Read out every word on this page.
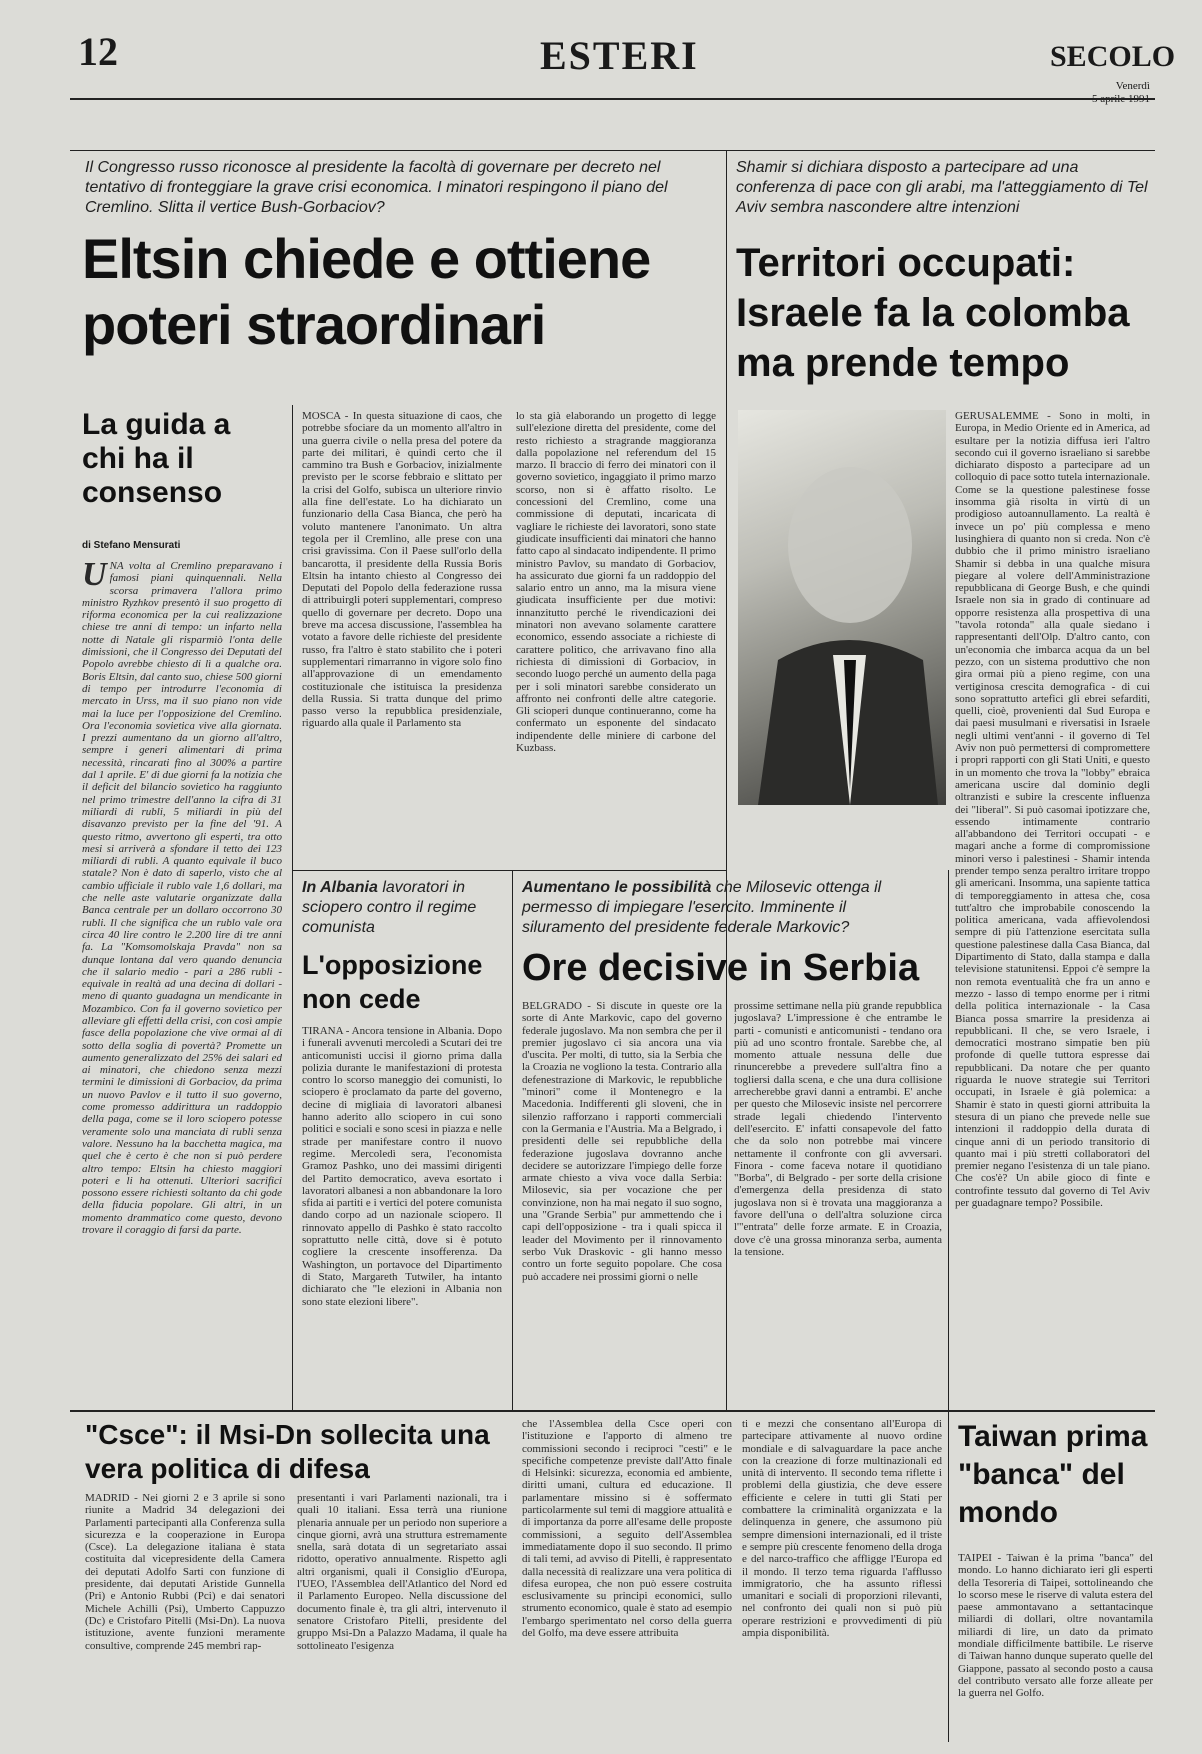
12	ESTERI	SECOLO
Venerdì
Il Congresso russo riconosce al presidente la facoltà di governare per decreto nel tentativo di fronteggiare la grave crisi economica. I minatori respingono il piano del Cremlino. Slitta il vertice Bush-Gorbaciov?
Eltsin chiede e ottiene poteri straordinari
La guida a chi ha il consenso
di Stefano Mensurati
UNA volta al Cremlino preparavano i famosi piani quinquennali. Nella scorsa primavera l'allora primo ministro Ryzhkov presentò il suo progetto di riforma economica per la cui realizzazione chiese tre anni di tempo: un infarto nella notte di Natale gli risparmiò l'onta delle dimissioni, che il Congresso dei Deputati del Popolo avrebbe chiesto di lì a qualche ora. Boris Eltsin, dal canto suo, chiese 500 giorni di tempo per introdurre l'economia di mercato in Urss, ma il suo piano non vide mai la luce per l'opposizione del Cremlino. Ora l'economia sovietica vive alla giornata. I prezzi aumentano da un giorno all'altro, sempre i generi alimentari di prima necessità, rincarati fino al 300% a partire dal 1 aprile. E' di due giorni fa la notizia che il deficit del bilancio sovietico ha raggiunto nel primo trimestre dell'anno la cifra di 31 miliardi di rubli, 5 miliardi in più del disavanzo previsto per la fine del '91. A questo ritmo, avvertono gli esperti, tra otto mesi si arriverà a sfondare il tetto dei 123 miliardi di rubli. A quanto equivale il buco statale? Non è dato di saperlo, visto che al cambio ufficiale il rublo vale 1,6 dollari, ma che nelle aste valutarie organizzate dalla Banca centrale per un dollaro occorrono 30 rubli. Il che significa che un rublo vale ora circa 40 lire contro le 2.200 lire di tre anni fa. La "Komsomolskaja Pravda" non sa dunque lontana dal vero quando denuncia che il salario medio - pari a 286 rubli - equivale in realtà ad una decina di dollari - meno di quanto guadagna un mendicante in Mozambico. Con fa il governo sovietico per alleviare gli effetti della crisi, con così ampie fasce della popolazione che vive ormai al di sotto della soglia di povertà? Promette un aumento generalizzato del 25% dei salari ed ai minatori, che chiedono senza mezzi termini le dimissioni di Gorbaciov, da prima un nuovo Pavlov e il tutto il suo governo, come promesso addirittura un raddoppio della paga, come se il loro sciopero potesse veramente solo una manciata di rubli senza valore. Nessuno ha la bacchetta magica, ma quel che è certo è che non si può perdere altro tempo: Eltsin ha chiesto maggiori poteri e li ha ottenuti. Ulteriori sacrifici possono essere richiesti soltanto da chi gode della fiducia popolare. Gli altri, in un momento drammatico come questo, devono trovare il coraggio di farsi da parte.
MOSCA - In questa situazione di caos, che potrebbe sfociare da un momento all'altro in una guerra civile o nella presa del potere da parte dei militari, è quindi certo che il cammino tra Bush e Gorbaciov, inizialmente previsto per le scorse febbraio e slittato per la crisi del Golfo, subisca un ulteriore rinvio alla fine dell'estate. Lo ha dichiarato un funzionario della Casa Bianca, che però ha voluto mantenere l'anonimato. Un altra tegola per il Cremlino, alle prese con una crisi gravissima. Con il Paese sull'orlo della bancarotta, il presidente della Russia Boris Eltsin ha intanto chiesto al Congresso dei Deputati del Popolo della federazione russa di attribuirgli poteri supplementari, compreso quello di governare per decreto. Dopo una breve ma accesa discussione, l'assemblea ha votato a favore delle richieste del presidente russo, fra l'altro è stato stabilito che i poteri supplementari rimarranno in vigore solo fino all'approvazione di un emendamento costituzionale che istituisca la presidenza della Russia. Si tratta dunque del primo passo verso la repubblica presidenziale, riguardo alla quale il Parlamento sta
lo sta già elaborando un progetto di legge sull'elezione diretta del presidente, come del resto richiesto a stragrande maggioranza dalla popolazione nel referendum del 15 marzo. Il braccio di ferro dei minatori con il governo sovietico, ingaggiato il primo marzo scorso, non si è affatto risolto. Le concessioni del Cremlino, come una commissione di deputati, incaricata di vagliare le richieste dei lavoratori, sono state giudicate insufficienti dai minatori che hanno fatto capo al sindacato indipendente. Il primo ministro Pavlov, su mandato di Gorbaciov, ha assicurato due giorni fa un raddoppio del salario entro un anno, ma la misura viene giudicata insufficiente per due motivi: innanzitutto perché le rivendicazioni dei minatori non avevano solamente carattere economico, essendo associate a richieste di carattere politico, che arrivavano fino alla richiesta di dimissioni di Gorbaciov, in secondo luogo perché un aumento della paga per i soli minatori sarebbe considerato un affronto nei confronti delle altre categorie. Gli scioperi dunque continueranno, come ha confermato un esponente del sindacato indipendente delle miniere di carbone del Kuzbass.
Shamir si dichiara disposto a partecipare ad una conferenza di pace con gli arabi, ma l'atteggiamento di Tel Aviv sembra nascondere altre intenzioni
Territori occupati: Israele fa la colomba ma prende tempo
GERUSALEMME - Sono in molti, in Europa, in Medio Oriente ed in America, ad esultare per la notizia diffusa ieri l'altro secondo cui il governo israeliano si sarebbe dichiarato disposto a partecipare ad un colloquio di pace sotto tutela internazionale. Come se la questione palestinese fosse insomma già risolta in virtù di un prodigioso autoannullamento. La realtà è invece un po' più complessa e meno lusinghiera di quanto non si creda. Non c'è dubbio che il primo ministro israeliano Shamir si debba in una qualche misura piegare al volere dell'Amministrazione repubblicana di George Bush, e che quindi Israele non sia in grado di continuare ad opporre resistenza alla prospettiva di una "tavola rotonda" alla quale siedano i rappresentanti dell'Olp. D'altro canto, con un'economia che imbarca acqua da un bel pezzo, con un sistema produttivo che non gira ormai più a pieno regime, con una vertiginosa crescita demografica - di cui sono soprattutto artefici gli ebrei sefarditi, quelli, cioè, provenienti dal Sud Europa e dai paesi musulmani e riversatisi in Israele negli ultimi vent'anni - il governo di Tel Aviv non può permettersi di compromettere i propri rapporti con gli Stati Uniti, e questo in un momento che trova la "lobby" ebraica americana uscire dal dominio degli oltranzisti e subire la crescente influenza dei "liberal". Si può casomai ipotizzare che, essendo intimamente contrario all'abbandono dei Territori occupati - e magari anche a forme di compromissione minori verso i palestinesi - Shamir intenda prender tempo senza peraltro irritare troppo gli americani. Insomma, una sapiente tattica di temporeggiamento in attesa che, cosa tutt'altro che improbabile conoscendo la politica americana, vada affievolendosi sempre di più l'attenzione esercitata sulla questione palestinese dalla Casa Bianca, dal Dipartimento di Stato, dalla stampa e dalla televisione statunitensi. Eppoi c'è sempre la non remota eventualità che fra un anno e mezzo - lasso di tempo enorme per i ritmi della politica internazionale - la Casa Bianca possa smarrire la presidenza ai repubblicani. Il che, se vero Israele, i democratici mostrano simpatie ben più profonde di quelle tuttora espresse dai repubblicani. Da notare che per quanto riguarda le nuove strategie sui Territori occupati, in Israele è già polemica: a Shamir è stato in questi giorni attribuita la stesura di un piano che prevede nelle sue intenzioni il raddoppio della durata di cinque anni di un periodo transitorio di quanto mai i più stretti collaboratori del premier negano l'esistenza di un tale piano. Che cos'è? Un abile gioco di finte e controfinte tessuto dal governo di Tel Aviv per guadagnare tempo? Possibile.
In Albania lavoratori in sciopero contro il regime comunista
L'opposizione non cede
TIRANA - Ancora tensione in Albania. Dopo i funerali avvenuti mercoledì a Scutari dei tre anticomunisti uccisi il giorno prima dalla polizia durante le manifestazioni di protesta contro lo scorso maneggio dei comunisti, lo sciopero è proclamato da parte del governo, decine di migliaia di lavoratori albanesi hanno aderito allo sciopero in cui sono politici e sociali e sono scesi in piazza e nelle strade per manifestare contro il nuovo regime. Mercoledì sera, l'economista Gramoz Pashko, uno dei massimi dirigenti del Partito democratico, aveva esortato i lavoratori albanesi a non abbandonare la loro sfida ai partiti e i vertici del potere comunista dando corpo ad un nazionale sciopero. Il rinnovato appello di Pashko è stato raccolto soprattutto nelle città, dove si è potuto cogliere la crescente insofferenza. Da Washington, un portavoce del Dipartimento di Stato, Margareth Tutwiler, ha intanto dichiarato che "le elezioni in Albania non sono state elezioni libere".
Aumentano le possibilità che Milosevic ottenga il permesso di impiegare l'esercito. Imminente il siluramento del presidente federale Markovic?
Ore decisive in Serbia
BELGRADO - Si discute in queste ore la sorte di Ante Markovic, capo del governo federale jugoslavo. Ma non sembra che per il premier jugoslavo ci sia ancora una via d'uscita. Per molti, di tutto, sia la Serbia che la Croazia ne vogliono la testa. Contrario alla defenestrazione di Markovic, le repubbliche "minori" come il Montenegro e la Macedonia. Indifferenti gli sloveni, che in silenzio rafforzano i rapporti commerciali con la Germania e l'Austria. Ma a Belgrado, i presidenti delle sei repubbliche della federazione jugoslava dovranno anche decidere se autorizzare l'impiego delle forze armate chiesto a viva voce dalla Serbia: Milosevic, sia per vocazione che per convinzione, non ha mai negato il suo sogno, una "Grande Serbia" pur ammettendo che i capi dell'opposizione - tra i quali spicca il leader del Movimento per il rinnovamento serbo Vuk Draskovic - gli hanno messo contro un forte seguito popolare. Che cosa può accadere nei prossimi giorni o nelle
prossime settimane nella più grande repubblica jugoslava? L'impressione è che entrambe le parti - comunisti e anticomunisti - tendano ora più ad uno scontro frontale. Sarebbe che, al momento attuale nessuna delle due rinuncerebbe a prevedere sull'altra fino a togliersi dalla scena, e che una dura collisione arrecherebbe gravi danni a entrambi. E' anche per questo che Milosevic insiste nel percorrere strade legali chiedendo l'intervento dell'esercito. E' infatti consapevole del fatto che da solo non potrebbe mai vincere nettamente il confronte con gli avversari. Finora - come faceva notare il quotidiano "Borba", di Belgrado - per sorte della crisione d'emergenza della presidenza di stato jugoslava non si è trovata una maggioranza a favore dell'una o dell'altra soluzione circa l'"entrata" delle forze armate. E in Croazia, dove c'è una grossa minoranza serba, aumenta la tensione.
"Csce": il Msi-Dn sollecita una vera politica di difesa
MADRID - Nei giorni 2 e 3 aprile si sono riunite a Madrid 34 delegazioni dei Parlamenti partecipanti alla Conferenza sulla sicurezza e la cooperazione in Europa (Csce). La delegazione italiana è stata costituita dal vicepresidente della Camera dei deputati Adolfo Sarti con funzione di presidente, dai deputati Aristide Gunnella (Pri) e Antonio Rubbi (Pci) e dai senatori Michele Achilli (Psi), Umberto Cappuzzo (Dc) e Cristofaro Pitelli (Msi-Dn). La nuova istituzione, avente funzioni meramente consultive, comprende 245 membri rap-
presentanti i vari Parlamenti nazionali, tra i quali 10 italiani. Essa terrà una riunione plenaria annuale per un periodo non superiore a cinque giorni, avrà una struttura estremamente snella, sarà dotata di un segretariato assai ridotto, operativo annualmente. Rispetto agli altri organismi, quali il Consiglio d'Europa, l'UEO, l'Assemblea dell'Atlantico del Nord ed il Parlamento Europeo. Nella discussione del documento finale è, tra gli altri, intervenuto il senatore Cristofaro Pitelli, presidente del gruppo Msi-Dn a Palazzo Madama, il quale ha sottolineato l'esigenza
che l'Assemblea della Csce operi con l'istituzione e l'apporto di almeno tre commissioni secondo i reciproci "cesti" e le specifiche competenze previste dall'Atto finale di Helsinki: sicurezza, economia ed ambiente, diritti umani, cultura ed educazione. Il parlamentare missino si è soffermato particolarmente sul temi di maggiore attualità e di importanza da porre all'esame delle proposte commissioni, a seguito dell'Assemblea immediatamente dopo il suo secondo. Il primo di tali temi, ad avviso di Pitelli, è rappresentato dalla necessità di realizzare una vera politica di difesa europea, che non può essere costruita esclusivamente su principi economici, sullo strumento economico, quale è stato ad esempio l'embargo sperimentato nel corso della guerra del Golfo, ma deve essere attribuita
ti e mezzi che consentano all'Europa di partecipare attivamente al nuovo ordine mondiale e di salvaguardare la pace anche con la creazione di forze multinazionali ed unità di intervento. Il secondo tema riflette i problemi della giustizia, che deve essere efficiente e celere in tutti gli Stati per combattere la criminalità organizzata e la delinquenza in genere, che assumono più sempre dimensioni internazionali, ed il triste e sempre più crescente fenomeno della droga e del narco-traffico che affligge l'Europa ed il mondo. Il terzo tema riguarda l'afflusso immigratorio, che ha assunto riflessi umanitari e sociali di proporzioni rilevanti, nel confronto dei quali non si può più operare restrizioni e provvedimenti di più ampia disponibilità.
Taiwan prima "banca" del mondo
TAIPEI - Taiwan è la prima "banca" del mondo. Lo hanno dichiarato ieri gli esperti della Tesoreria di Taipei, sottolineando che lo scorso mese le riserve di valuta estera del paese ammontavano a settantacinque miliardi di dollari, oltre novantamila miliardi di lire, un dato da primato mondiale difficilmente battibile. Le riserve di Taiwan hanno dunque superato quelle del Giappone, passato al secondo posto a causa del contributo versato alle forze alleate per la guerra nel Golfo.
